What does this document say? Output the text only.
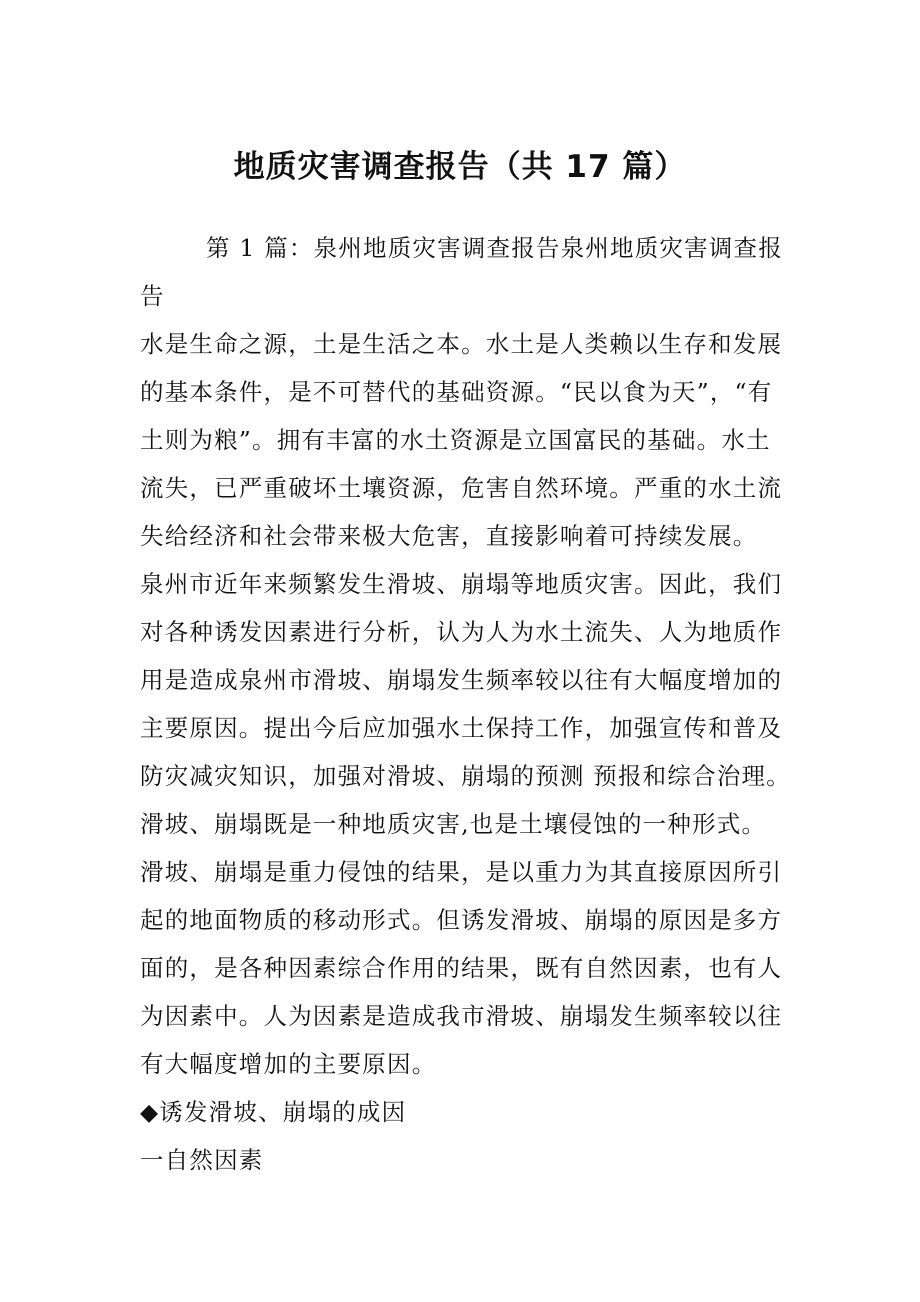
地质灾害调查报告（共 17 篇）
第 1 篇：泉州地质灾害调查报告泉州地质灾害调查报
告
水是生命之源，土是生活之本。水土是人类赖以生存和发展
的基本条件，是不可替代的基础资源。“民以食为天”，“有
土则为粮”。拥有丰富的水土资源是立国富民的基础。水土
流失，已严重破坏土壤资源，危害自然环境。严重的水土流
失给经济和社会带来极大危害，直接影响着可持续发展。
泉州市近年来频繁发生滑坡、崩塌等地质灾害。因此，我们
对各种诱发因素进行分析，认为人为水土流失、人为地质作
用是造成泉州市滑坡、崩塌发生频率较以往有大幅度增加的
主要原因。提出今后应加强水土保持工作，加强宣传和普及
防灾减灾知识，加强对滑坡、崩塌的预测 预报和综合治理。
滑坡、崩塌既是一种地质灾害,也是土壤侵蚀的一种形式。
滑坡、崩塌是重力侵蚀的结果，是以重力为其直接原因所引
起的地面物质的移动形式。但诱发滑坡、崩塌的原因是多方
面的，是各种因素综合作用的结果，既有自然因素，也有人
为因素中。人为因素是造成我市滑坡、崩塌发生频率较以往
有大幅度增加的主要原因。
◆诱发滑坡、崩塌的成因
一自然因素
